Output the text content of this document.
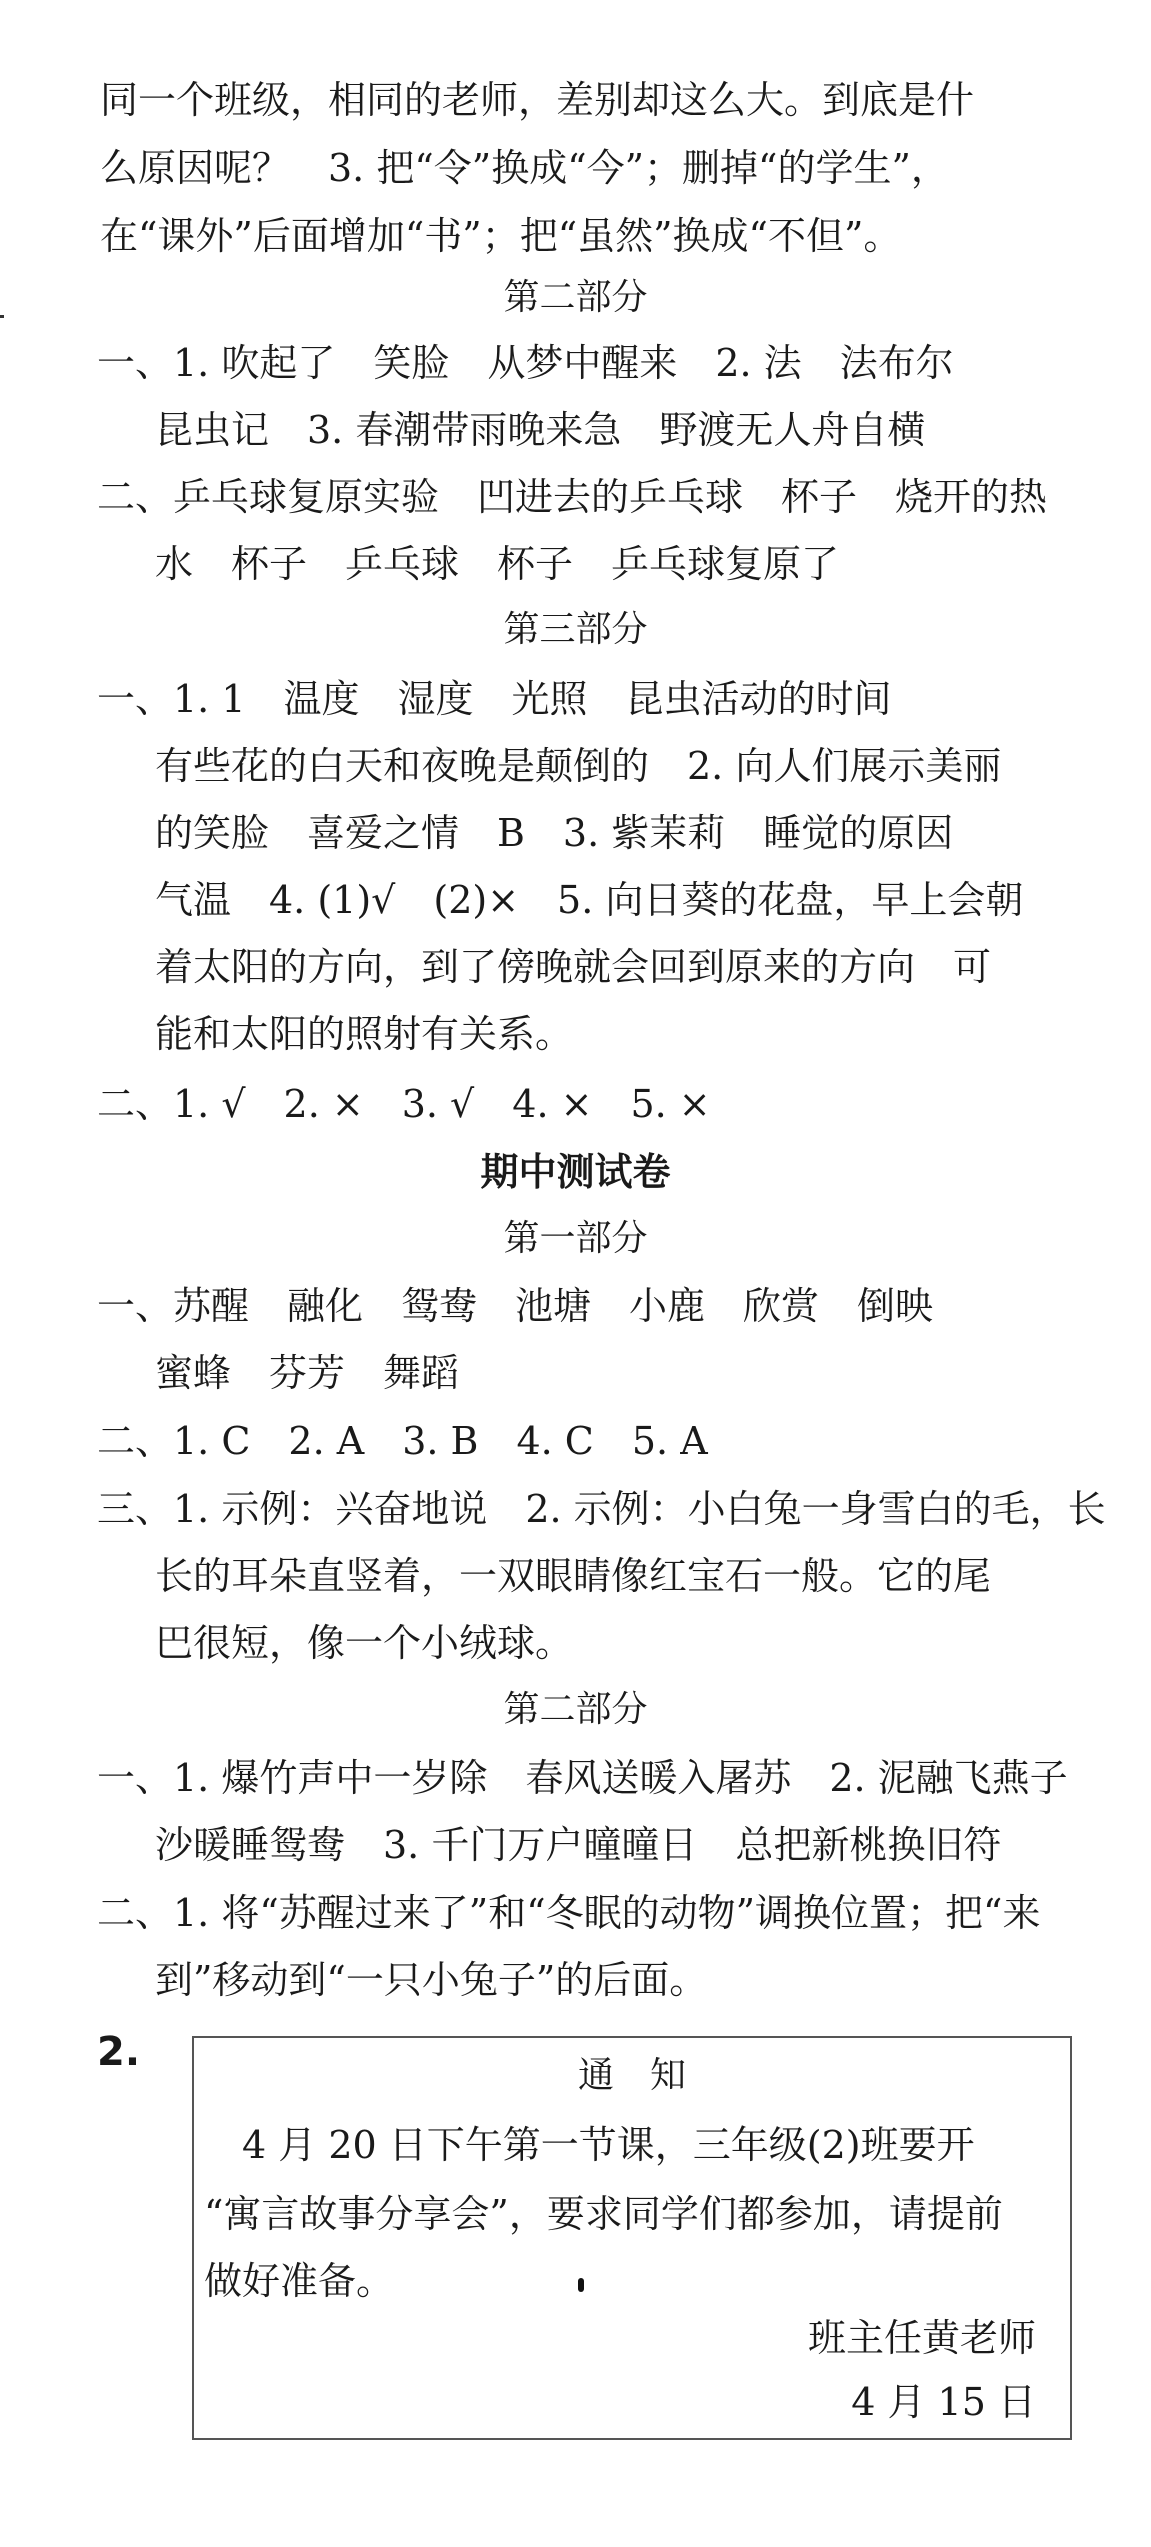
同一个班级，相同的老师，差别却这么大。到底是什
么原因呢？　3. 把“令”换成“今”；删掉“的学生”，
在“课外”后面增加“书”；把“虽然”换成“不但”。
第二部分
一、1. 吹起了　笑脸　从梦中醒来　2. 法　法布尔
昆虫记　3. 春潮带雨晚来急　野渡无人舟自横
二、乒乓球复原实验　凹进去的乒乓球　杯子　烧开的热
水　杯子　乒乓球　杯子　乒乓球复原了
第三部分
一、1. 1　温度　湿度　光照　昆虫活动的时间
有些花的白天和夜晚是颠倒的　2. 向人们展示美丽
的笑脸　喜爱之情　B　3. 紫茉莉　睡觉的原因
气温　4. (1)√　(2)×　5. 向日葵的花盘，早上会朝
着太阳的方向，到了傍晚就会回到原来的方向　可
能和太阳的照射有关系。
二、1. √　2. ×　3. √　4. ×　5. ×
期中测试卷
第一部分
一、苏醒　融化　鸳鸯　池塘　小鹿　欣赏　倒映
蜜蜂　芬芳　舞蹈
二、1. C　2. A　3. B　4. C　5. A
三、1. 示例：兴奋地说　2. 示例：小白兔一身雪白的毛，长
长的耳朵直竖着，一双眼睛像红宝石一般。它的尾
巴很短，像一个小绒球。
第二部分
一、1. 爆竹声中一岁除　春风送暖入屠苏　2. 泥融飞燕子
沙暖睡鸳鸯　3. 千门万户曈曈日　总把新桃换旧符
二、1. 将“苏醒过来了”和“冬眠的动物”调换位置；把“来
到”移动到“一只小兔子”的后面。
2.
通　知
　4 月 20 日下午第一节课，三年级(2)班要开
“寓言故事分享会”，要求同学们都参加，请提前
做好准备。
班主任黄老师
4 月 15 日
